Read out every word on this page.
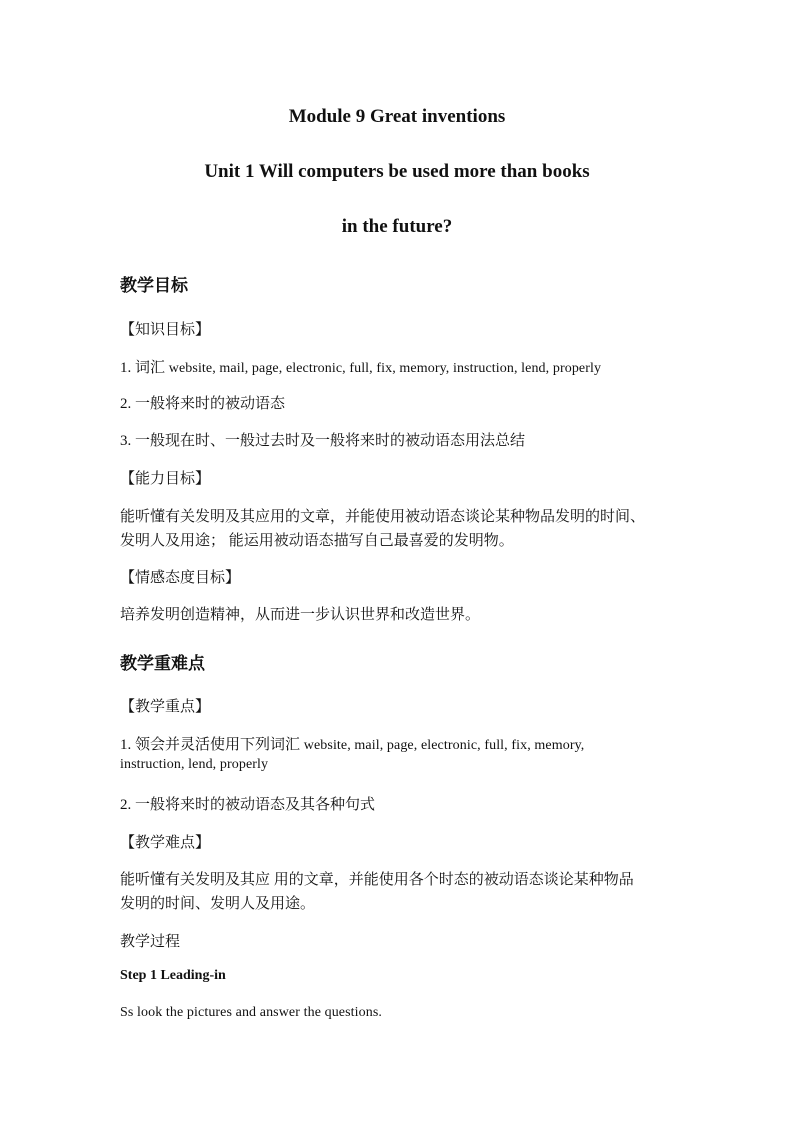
Module 9 Great inventions
Unit 1 Will computers be used more than books
in the future?
教学目标
【知识目标】
1. 词汇 website, mail, page, electronic, full, fix, memory, instruction, lend, properly
2. 一般将来时的被动语态
3. 一般现在时、一般过去时及一般将来时的被动语态用法总结
【能力目标】
能听懂有关发明及其应用的文章，并能使用被动语态谈论某种物品发明的时间、
发明人及用途； 能运用被动语态描写自己最喜爱的发明物。
【情感态度目标】
培养发明创造精神，从而进一步认识世界和改造世界。
教学重难点
【教学重点】
1. 领会并灵活使用下列词汇 website, mail, page, electronic, full, fix, memory,
instruction, lend, properly
2. 一般将来时的被动语态及其各种句式
【教学难点】
能听懂有关发明及其应 用的文章，并能使用各个时态的被动语态谈论某种物品
发明的时间、发明人及用途。
教学过程
Step 1 Leading-in
Ss look the pictures and answer the questions.
